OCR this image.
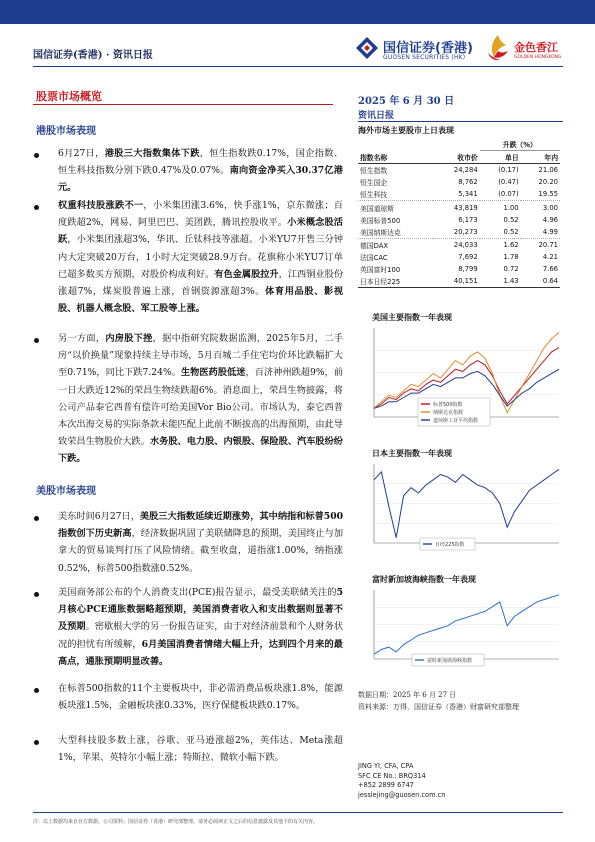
国信证券(香港) · 资讯日报	国信证券(香港)
GUOSEN SECURITIES (HK)
金色香江
GOLDEN HONGKONG
股票市场概览
港股市场表现
6月27日，港股三大指数集体下跌，恒生指数跌0.17%，国企指数、恒生科技指数分别下跌0.47%及0.07%。南向资金净买入30.37亿港元。
权重科技股涨跌不一，小米集团涨3.6%，快手涨1%，京东微涨；百度跌超2%，网易、阿里巴巴、美团跌，腾讯控股收平。小米概念股活跃，小米集团涨超3%，华讯、丘钛科技等涨超。小米YU7开售三分钟内大定突破20万台，1小时大定突破28.9万台。花旗称小米YU7订单已超多数买方预期，对股价构成利好。有色金属股拉升，江西铜业股份涨超7%，煤炭股普遍上涨，首钢资源涨超3%。体育用品股、影视股、机器人概念股、军工股等上涨。
另一方面，内房股下挫，据中指研究院数据监测，2025年5月，二手房“以价换量”现象持续主导市场，5月百城二手住宅均价环比跌幅扩大至0.71%，同比下跌7.24%。生物医药股低迷，百济神州跌超9%，前一日大跌近12%的荣昌生物续跌超6%。消息面上，荣昌生物披露，将公司产品泰它西普有偿许可给美国Vor Bio公司。市场认为，泰它西普本次出海交易的实际条款未能匹配上此前不断拔高的出海预期，由此导致荣昌生物股价大跌。水务股、电力股、内银股、保险股、汽车股纷纷下跌。
美股市场表现
美东时间6月27日，美股三大指数延续近期涨势，其中纳指和标普500指数创下历史新高，经济数据巩固了美联储降息的预期，美国终止与加拿大的贸易谈判打压了风险情绪。截至收盘，道指涨1.00%，纳指涨0.52%，标普500指数涨0.52%。
美国商务部公布的个人消费支出(PCE)报告显示，最受美联储关注的5月核心PCE通胀数据略超预期，美国消费者收入和支出数据则显著不及预期。密歇根大学的另一份报告证实，由于对经济前景和个人财务状况的担忧有所缓解，6月美国消费者情绪大幅上升，达到四个月来的最高点，通胀预期明显改善。
在标普500指数的11个主要板块中，非必需消费品板块涨1.8%，能源板块涨1.5%，金融板块涨0.33%，医疗保健板块跌0.17%。
大型科技股多数上涨，谷歌、亚马逊涨超2%，英伟达、Meta涨超1%，苹果、英特尔小幅上涨；特斯拉、微软小幅下跌。
2025 年 6 月 30 日
资讯日报
海外市场主要股市上日表现
		升跌（%）	
指数名称	收市价	单日	年内
恒生指数	24,284	(0.17)	21.06
恒生国企	8,762	(0.47)	20.20
恒生科技	5,341	(0.07)	19.55
美国道琼斯	43,819	1.00	3.00
美国标普500	6,173	0.52	4.96
美国纳斯达克	20,273	0.52	4.99
德国DAX	24,033	1.62	20.71
法国CAC	7,692	1.78	4.21
英国富时100	8,799	0.72	7.66
日本日经225	40,151	1.43	0.64
美国主要指数一年表现
标普500指数
纳斯达克指数
道琼斯工业平均指数
日本主要指数一年表现
日经225指数
富时新加坡海峡指数一年表现
富时新加坡海峡指数
数据日期：2025 年 6 月 27 日
资料来源：万得，国信证券（香港）财富研究部整理
JING YI, CFA, CPA
SFC CE No.: BRQ314
+852 2899 6747
jessiejing@guosen.com.cn
注：以上数据均来自官方数据、公司资料；国信证券（香港）研究部整理。请务必阅读正文之后的信息披露及其他下的有关内容。
